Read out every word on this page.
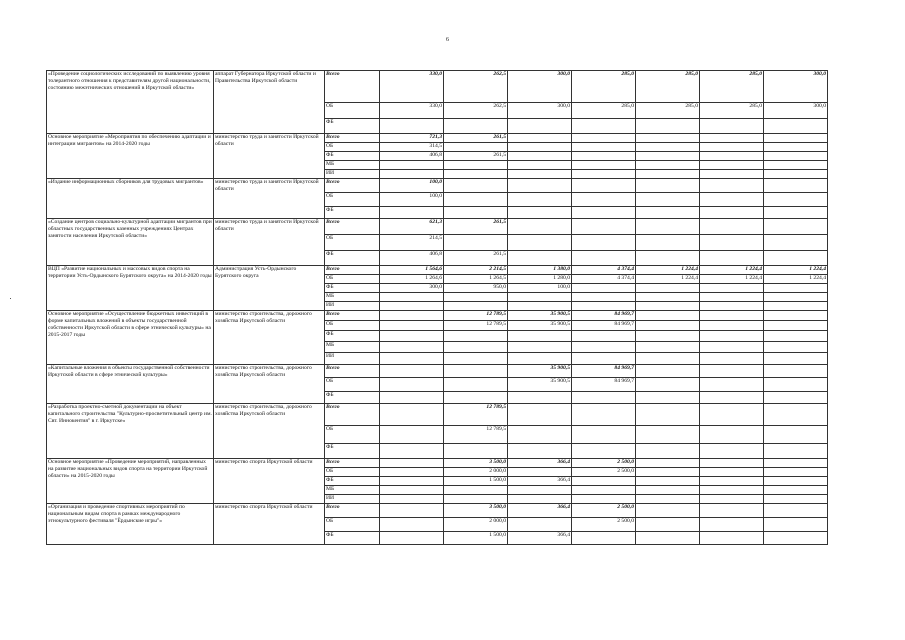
6
«Проведение социологических исследований по выявлению уровня толерантного отношения к представителям другой национальности, состоянию межэтнических отношений в Иркутской области»	аппарат Губернатора Иркутской области и Правительства Иркутской области	Всего	330,0	262,5	300,0	285,0	285,0	285,0	300,0
		ОБ	330,0	262,5	300,0	285,0	285,0	285,0	300,0
		ФБ							
Основное мероприятие «Мероприятия по обеспечению адаптации и интеграции мигрантов» на 2014-2020 годы	министерство труда и занятости Иркутской области	Всего	721,3	261,5					
		ОБ	314,5						
		ФБ	406,8	261,5					
		МБ							
		ИИ							
«Издание информационных сборников для трудовых мигрантов»	министерство труда и занятости Иркутской области	Всего	100,0						
		ОБ	100,0						
		ФБ							
«Создание центров социально-культурной адаптации мигрантов при областных государственных казенных учреждениях Центрах занятости населения Иркутской области»	министерство труда и занятости Иркутской области	Всего	621,3	261,5					
		ОБ	214,5						
		ФБ	406,8	261,5					
ВЦП «Развитие национальных и массовых видов спорта на территории Усть-Ордынского Бурятского округа» на 2014-2020 годы	Администрация Усть-Ордынского Бурятского округа	Всего	1 564,6	2 214,5	1 380,0	4 374,4	1 224,4	1 224,4	1 224,4
		ОБ	1 264,6	1 264,5	1 280,0	4 374,4	1 224,4	1 224,4	1 224,4
		ФБ	300,0	950,0	100,0				
		МБ							
		ИИ							
Основное мероприятие «Осуществление бюджетных инвестиций в форме капитальных вложений в объекты государственной собственности Иркутской области в сфере этнической культуры» на 2015-2017 годы	министерство строительства, дорожного хозяйства Иркутской области	Всего		12 789,5	35 900,5	84 969,7			
		ОБ		12 789,5	35 900,5	84 969,7			
		ФБ							
		МБ							
		ИИ							
«Капитальные вложения в объекты государственной собственности Иркутской области в сфере этнической культуры»	министерство строительства, дорожного хозяйства Иркутской области	Всего			35 900,5	84 969,7			
		ОБ			35 900,5	84 969,7			
		ФБ							
«Разработка проектно-сметной документации на объект капитального строительства "Культурно-просветительный центр им. Свт. Иннокентия" в г. Иркутске»	министерство строительства, дорожного хозяйства Иркутской области	Всего		12 789,5					
		ОБ		12 789,5					
		ФБ							
Основное мероприятие «Проведение мероприятий, направленных на развитие национальных видов спорта на территории Иркутской области» на 2015-2020 годы	министерство спорта Иркутской области	Всего		3 500,0	366,4	2 500,0			
		ОБ		2 000,0		2 500,0			
		ФБ		1 500,0	366,4				
		МБ							
		ИИ							
«Организация и проведение спортивных мероприятий по национальным видам спорта в рамках международного этнокультурного фестиваля "Ёрдынские игры"»	министерство спорта Иркутской области	Всего		3 500,0	366,4	2 500,0			
		ОБ		2 000,0		2 500,0			
		ФБ		1 500,0	366,4				
